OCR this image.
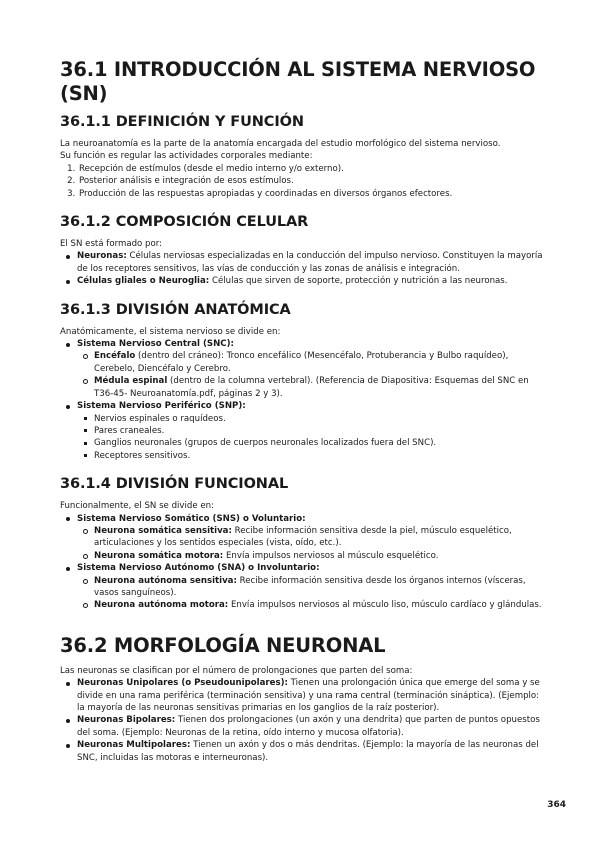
36.1 INTRODUCCIÓN AL SISTEMA NERVIOSO (SN)
36.1.1 DEFINICIÓN Y FUNCIÓN

La neuroanatomía es la parte de la anatomía encargada del estudio morfológico del sistema nervioso.

Su función es regular las actividades corporales mediante:

1. Recepción de estímulos (desde el medio interno y/o externo).
2. Posterior análisis e integración de esos estímulos.
3. Producción de las respuestas apropiadas y coordinadas en diversos órganos efectores.
36.1.2 COMPOSICIÓN CELULAR

El SN está formado por:

Neuronas: Células nerviosas especializadas en la conducción del impulso nervioso. Constituyen la mayoría de los receptores sensitivos, las vías de conducción y las zonas de análisis e integración.
Células gliales o Neuroglia: Células que sirven de soporte, protección y nutrición a las neuronas.
36.1.3 DIVISIÓN ANATÓMICA

Anatómicamente, el sistema nervioso se divide en:

Sistema Nervioso Central (SNC):
Encéfalo (dentro del cráneo): Tronco encefálico (Mesencéfalo, Protuberancia y Bulbo raquídeo), Cerebelo, Diencéfalo y Cerebro.
Médula espinal (dentro de la columna vertebral). (Referencia de Diapositiva: Esquemas del SNC en T36-45- Neuroanatomía.pdf, páginas 2 y 3).
Sistema Nervioso Periférico (SNP):
Nervios espinales o raquídeos.
Pares craneales.
Ganglios neuronales (grupos de cuerpos neuronales localizados fuera del SNC).
Receptores sensitivos.
36.1.4 DIVISIÓN FUNCIONAL

Funcionalmente, el SN se divide en:

Sistema Nervioso Somático (SNS) o Voluntario:
Neurona somática sensitiva: Recibe información sensitiva desde la piel, músculo esquelético, articulaciones y los sentidos especiales (vista, oído, etc.).
Neurona somática motora: Envía impulsos nerviosos al músculo esquelético.
Sistema Nervioso Autónomo (SNA) o Involuntario:
Neurona autónoma sensitiva: Recibe información sensitiva desde los órganos internos (vísceras, vasos sanguíneos).
Neurona autónoma motora: Envía impulsos nerviosos al músculo liso, músculo cardíaco y glándulas.
36.2 MORFOLOGÍA NEURONAL

Las neuronas se clasifican por el número de prolongaciones que parten del soma:

Neuronas Unipolares (o Pseudounipolares): Tienen una prolongación única que emerge del soma y se divide en una rama periférica (terminación sensitiva) y una rama central (terminación sináptica). (Ejemplo: la mayoría de las neuronas sensitivas primarias en los ganglios de la raíz posterior).
Neuronas Bipolares: Tienen dos prolongaciones (un axón y una dendrita) que parten de puntos opuestos del soma. (Ejemplo: Neuronas de la retina, oído interno y mucosa olfatoria).
Neuronas Multipolares: Tienen un axón y dos o más dendritas. (Ejemplo: la mayoría de las neuronas del SNC, incluidas las motoras e interneuronas).
364
